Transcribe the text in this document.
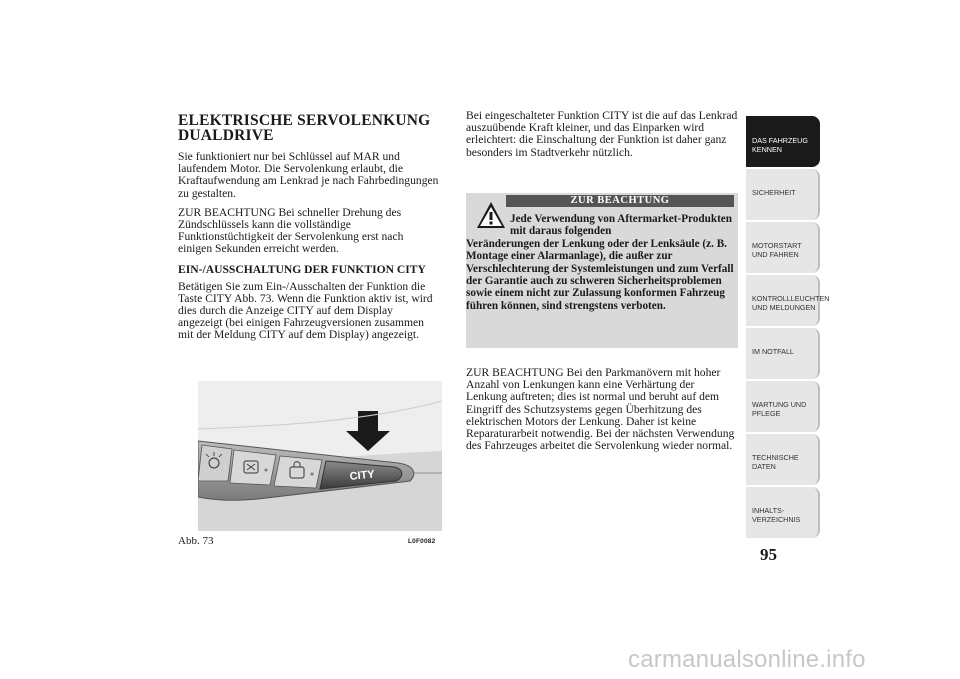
ELEKTRISCHE SERVOLENKUNG DUALDRIVE

Sie funktioniert nur bei Schlüssel auf MAR und laufendem Motor. Die Servolenkung erlaubt, die Kraftaufwendung am Lenkrad je nach Fahrbedingungen zu gestalten.

ZUR BEACHTUNG Bei schneller Drehung des Zündschlüssels kann die vollständige Funktionstüchtigkeit der Servolenkung erst nach einigen Sekunden erreicht werden.

EIN-/AUSSCHALTUNG DER FUNKTION CITY

Betätigen Sie zum Ein-/Ausschalten der Funktion die Taste CITY Abb. 73. Wenn die Funktion aktiv ist, wird dies durch die Anzeige CITY auf dem Display angezeigt (bei einigen Fahrzeugversionen zusammen mit der Meldung CITY auf dem Display) angezeigt.

CITY
Abb. 73	L0F0082

Bei eingeschalteter Funktion CITY ist die auf das Lenkrad auszuübende Kraft kleiner, und das Einparken wird erleichtert: die Einschaltung der Funktion ist daher ganz besonders im Stadtverkehr nützlich.

ZUR BEACHTUNG
Jede Verwendung von Aftermarket-Produkten mit daraus folgenden
Veränderungen der Lenkung oder der Lenksäule (z. B. Montage einer Alarmanlage), die außer zur Verschlechterung der Systemleistungen und zum Verfall der Garantie auch zu schweren Sicherheitsproblemen sowie einem nicht zur Zulassung konformen Fahrzeug führen können, sind strengstens verboten.

ZUR BEACHTUNG Bei den Parkmanövern mit hoher Anzahl von Lenkungen kann eine Verhärtung der Lenkung auftreten; dies ist normal und beruht auf dem Eingriff des Schutzsystems gegen Überhitzung des elektrischen Motors der Lenkung. Daher ist keine Reparaturarbeit notwendig. Bei der nächsten Verwendung des Fahrzeuges arbeitet die Servolenkung wieder normal.

DAS FAHRZEUG KENNEN
SICHERHEIT
MOTORSTART UND FAHREN
KONTROLLLEUCHTEN UND MELDUNGEN
IM NOTFALL
WARTUNG UND PFLEGE
TECHNISCHE DATEN
INHALTS-VERZEICHNIS
95
carmanualsonline.info
